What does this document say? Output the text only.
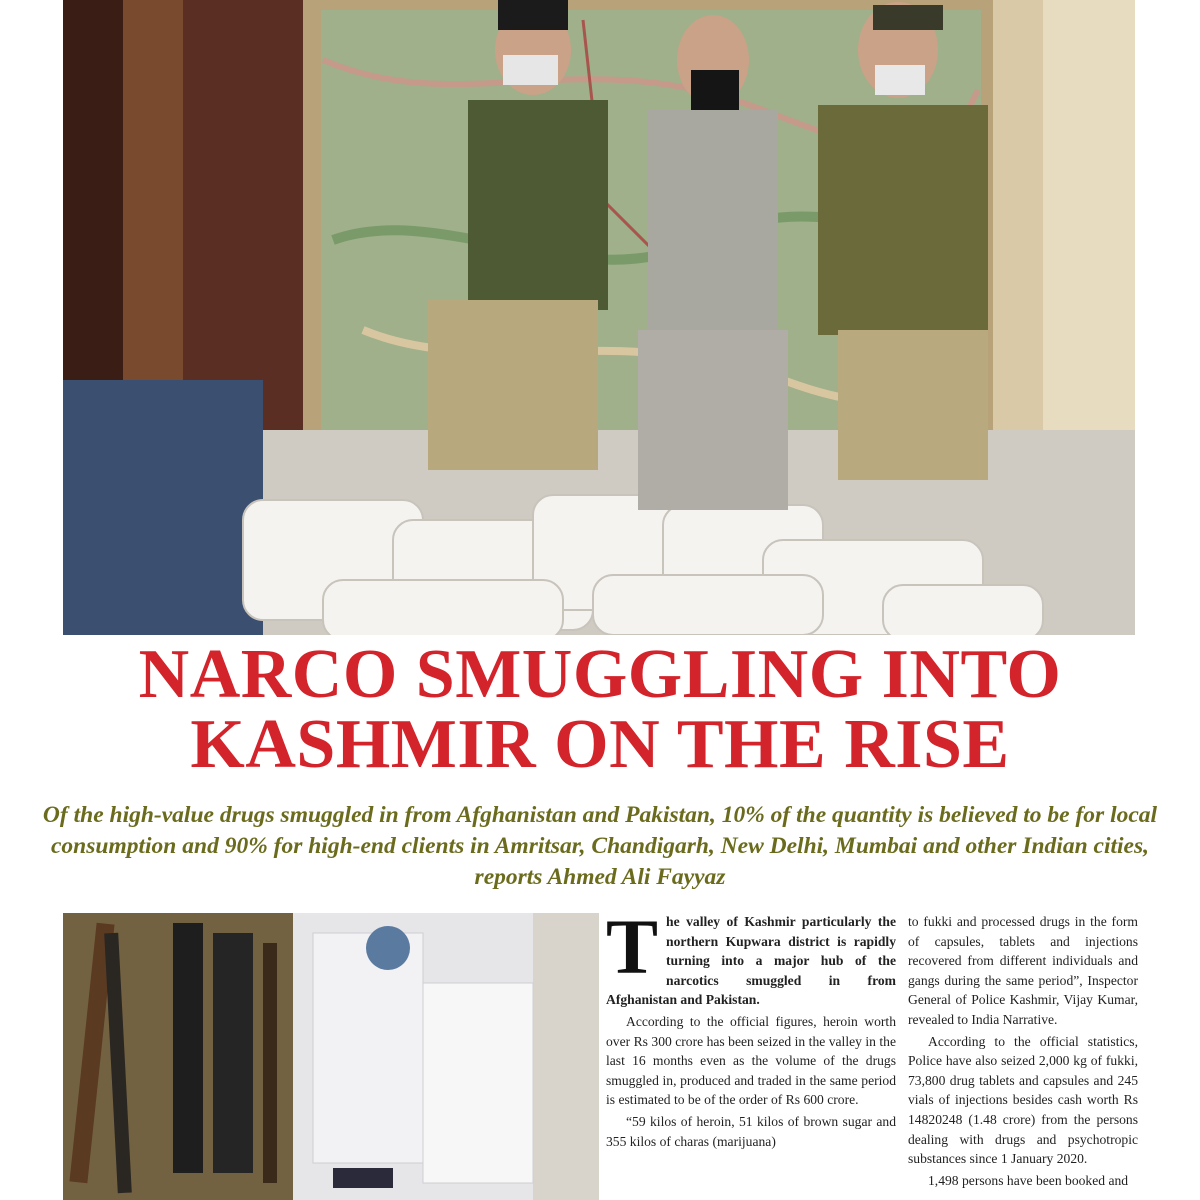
NARCO SMUGGLING INTO
KASHMIR ON THE RISE

Of the high-value drugs smuggled in from Afghanistan and Pakistan, 10% of the quantity is believed to be for local consumption and 90% for high-end clients in Amritsar, Chandigarh, New Delhi, Mumbai and other Indian cities, reports Ahmed Ali Fayyaz

T he valley of Kashmir particularly the northern Kupwara district is rapidly turning into a major hub of the narcotics smuggled in from Afghanistan and Pakistan.

According to the official figures, heroin worth over Rs 300 crore has been seized in the valley in the last 16 months even as the volume of the drugs smuggled in, produced and traded in the same period is estimated to be of the order of Rs 600 crore.

“59 kilos of heroin, 51 kilos of brown sugar and 355 kilos of charas (marijuana)

to fukki and processed drugs in the form of capsules, tablets and injections recovered from different individuals and gangs during the same period”, Inspector General of Police Kashmir, Vijay Kumar, revealed to India Narrative.

According to the official statistics, Police have also seized 2,000 kg of fukki, 73,800 drug tablets and capsules and 245 vials of injections besides cash worth Rs 14820248 (1.48 crore) from the persons dealing with drugs and psychotropic substances since 1 January 2020.

1,498 persons have been booked and
